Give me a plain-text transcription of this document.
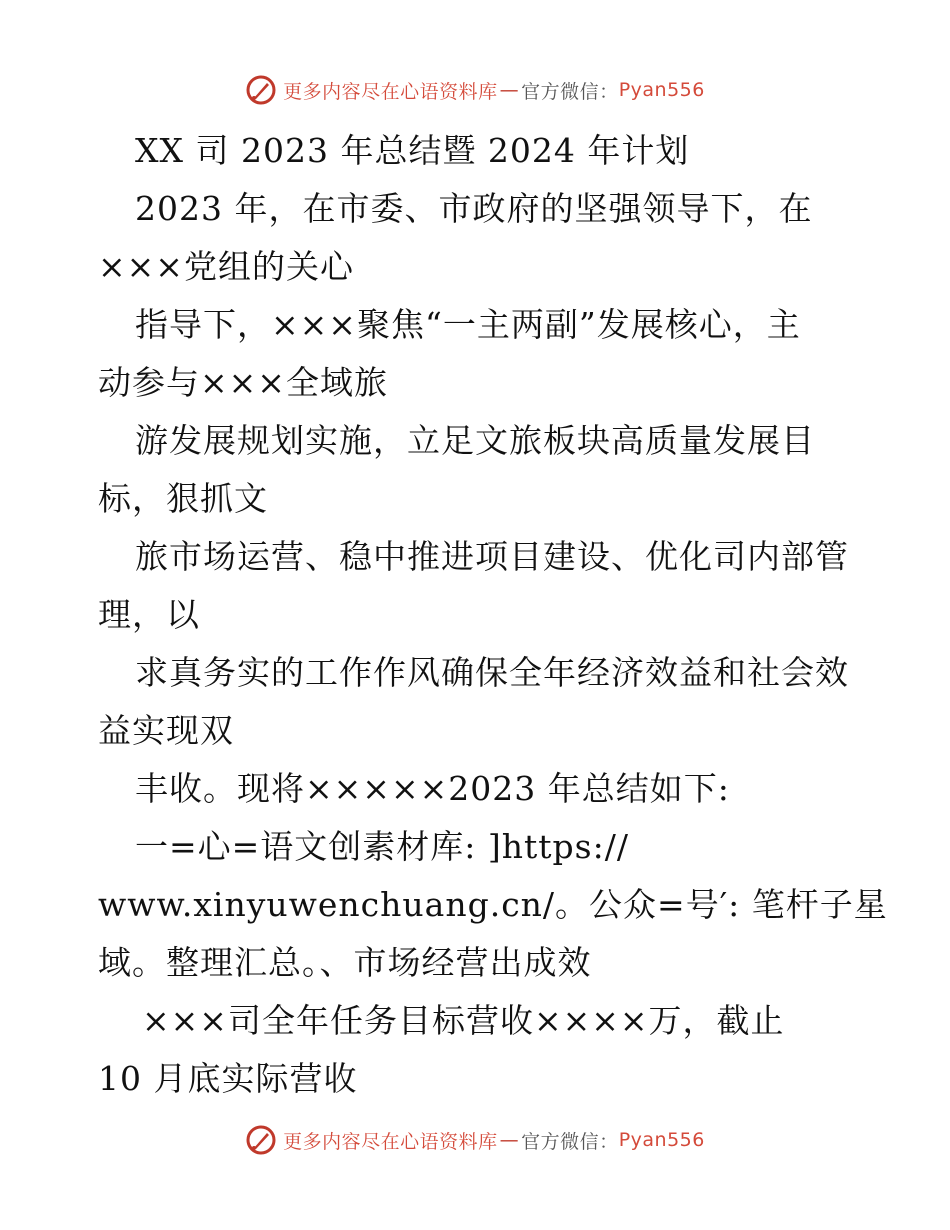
更多内容尽在心语资料库 — 官方微信： Pyan556
XX 司 2023 年总结暨 2024 年计划
2023 年，在市委、市政府的坚强领导下，在
×××党组的关心
指导下，×××聚焦“一主两副”发展核心，主
动参与×××全域旅
游发展规划实施，立足文旅板块高质量发展目
标，狠抓文
旅市场运营、稳中推进项目建设、优化司内部管
理，以
求真务实的工作作风确保全年经济效益和社会效
益实现双
丰收。现将×××××2023 年总结如下:
一=心=语文创素材库: ]https://
www.xinyuwenchuang.cn/。公众=号′: 笔杆子星
域。整理汇总。、市场经营出成效
×××司全年任务目标营收××××万，截止
10 月底实际营收
更多内容尽在心语资料库 — 官方微信： Pyan556
